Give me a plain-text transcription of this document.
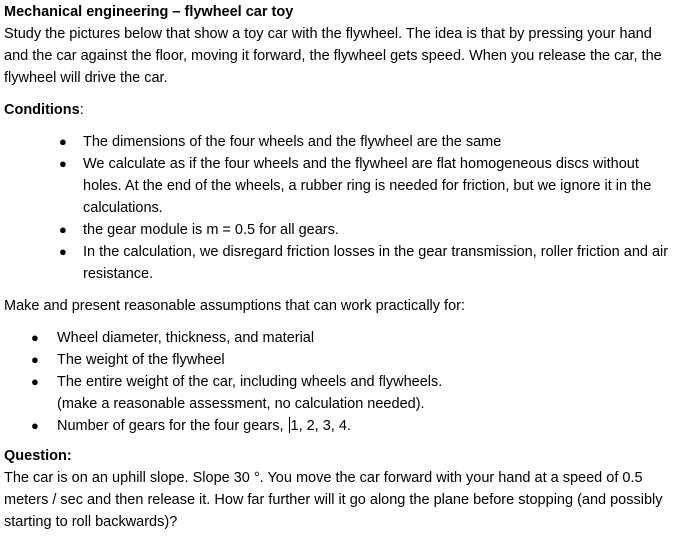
Mechanical engineering – flywheel car toy

Study the pictures below that show a toy car with the flywheel. The idea is that by pressing your hand and the car against the floor, moving it forward, the flywheel gets speed. When you release the car, the flywheel will drive the car.

Conditions:

● The dimensions of the four wheels and the flywheel are the same
● We calculate as if the four wheels and the flywheel are flat homogeneous discs without holes. At the end of the wheels, a rubber ring is needed for friction, but we ignore it in the calculations.
● the gear module is m = 0.5 for all gears.
● In the calculation, we disregard friction losses in the gear transmission, roller friction and air resistance.

Make and present reasonable assumptions that can work practically for:

● Wheel diameter, thickness, and material
● The weight of the flywheel
● The entire weight of the car, including wheels and flywheels.
(make a reasonable assessment, no calculation needed).
● Number of gears for the four gears, 1, 2, 3, 4.

Question:

The car is on an uphill slope. Slope 30 °. You move the car forward with your hand at a speed of 0.5 meters / sec and then release it. How far further will it go along the plane before stopping (and possibly starting to roll backwards)?
